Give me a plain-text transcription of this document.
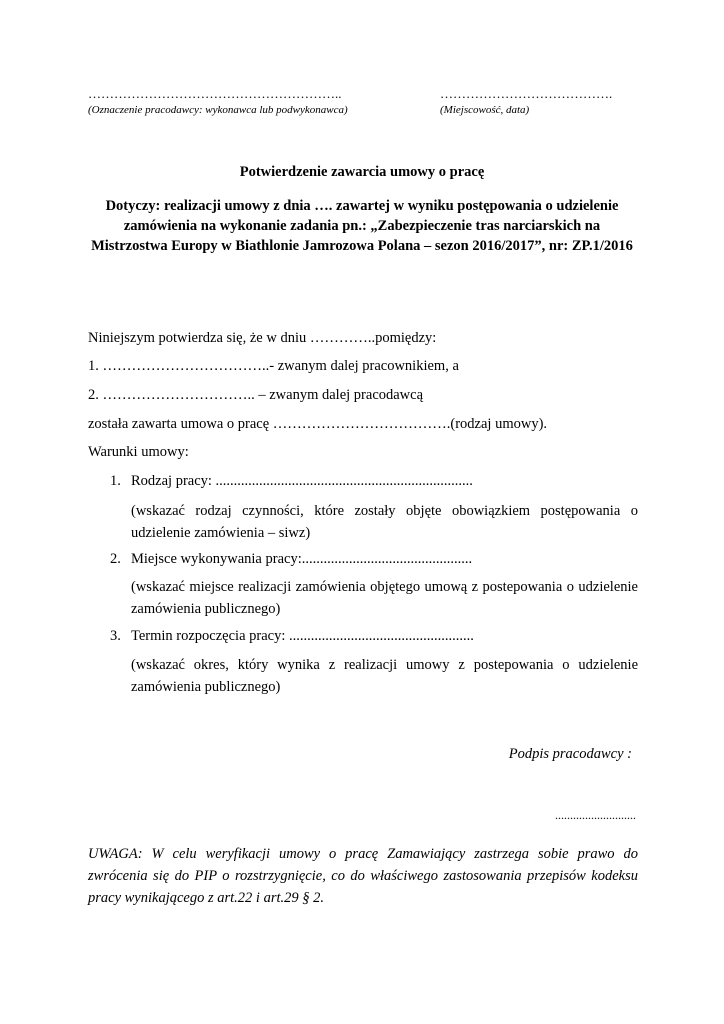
…………………………………………………..
(Oznaczenie pracodawcy: wykonawca lub podwykonawca)
………………………………….
(Miejscowość, data)
Potwierdzenie zawarcia umowy o pracę
Dotyczy: realizacji umowy z dnia …. zawartej w wyniku postępowania o udzielenie
zamówienia na wykonanie zadania pn.: „Zabezpieczenie tras narciarskich na
Mistrzostwa Europy w Biathlonie Jamrozowa Polana – sezon 2016/2017”, nr: ZP.1/2016
Niniejszym potwierdza się, że w dniu …………..pomiędzy:
1. ……………………………..- zwanym dalej pracownikiem, a
2. ………………………….. – zwanym dalej pracodawcą
została zawarta umowa o pracę ……………………………….(rodzaj umowy).
Warunki umowy:
1. Rodzaj pracy: .......................................................................
(wskazać rodzaj czynności, które zostały objęte obowiązkiem postępowania o udzielenie zamówienia – siwz)
2. Miejsce wykonywania pracy:...............................................
(wskazać miejsce realizacji zamówienia objętego umową z postepowania o udzielenie zamówienia publicznego)
3. Termin rozpoczęcia pracy: ...................................................
(wskazać okres, który wynika z realizacji umowy z postepowania o udzielenie zamówienia publicznego)
Podpis pracodawcy :
...........................
UWAGA: W celu weryfikacji umowy o pracę Zamawiający zastrzega sobie prawo do zwrócenia się do PIP o rozstrzygnięcie, co do właściwego zastosowania przepisów kodeksu pracy wynikającego z art.22 i art.29 § 2.
